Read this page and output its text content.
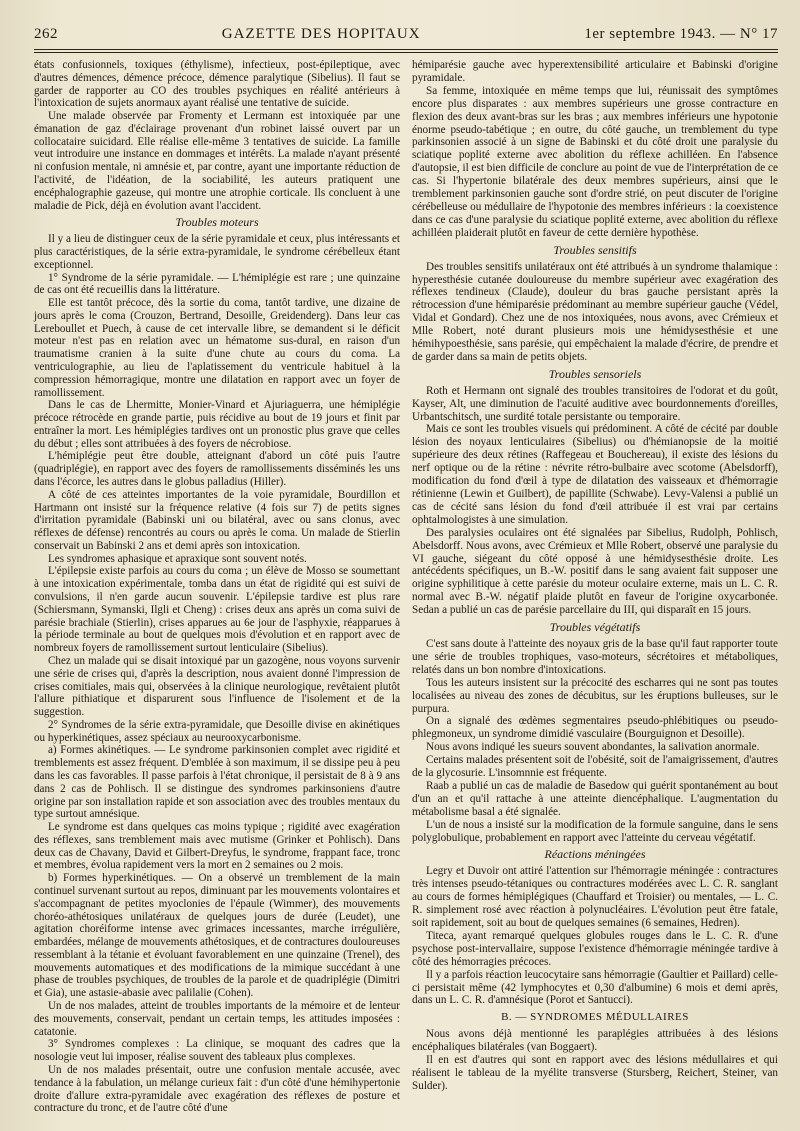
262	GAZETTE DES HOPITAUX	1er septembre 1943. — N° 17

états confusionnels, toxiques (éthylisme), infectieux, post-épileptique, avec d'autres démences, démence précoce, démence paralytique (Sibelius). Il faut se garder de rapporter au CO des troubles psychiques en réalité antérieurs à l'intoxication de sujets anormaux ayant réalisé une tentative de suicide.

Une malade observée par Fromenty et Lermann est intoxiquée par une émanation de gaz d'éclairage provenant d'un robinet laissé ouvert par un collocataire suicidard. Elle réalise elle-même 3 tentatives de suicide. La famille veut introduire une instance en dommages et intérêts. La malade n'ayant présenté ni confusion mentale, ni amnésie et, par contre, ayant une importante réduction de l'activité, de l'idéation, de la sociabilité, les auteurs pratiquent une encéphalographie gazeuse, qui montre une atrophie corticale. Ils concluent à une maladie de Pick, déjà en évolution avant l'accident.

Troubles moteurs

Il y a lieu de distinguer ceux de la série pyramidale et ceux, plus intéressants et plus caractéristiques, de la série extra-pyramidale, le syndrome cérébelleux étant exceptionnel.

1° Syndrome de la série pyramidale. — L'hémiplégie est rare ; une quinzaine de cas ont été recueillis dans la littérature.

Elle est tantôt précoce, dès la sortie du coma, tantôt tardive, une dizaine de jours après le coma (Crouzon, Bertrand, Desoille, Greidenderg). Dans leur cas Lereboullet et Puech, à cause de cet intervalle libre, se demandent si le déficit moteur n'est pas en relation avec un hématome sus-dural, en raison d'un traumatisme cranien à la suite d'une chute au cours du coma. La ventriculographie, au lieu de l'aplatissement du ventricule habituel à la compression hémorragique, montre une dilatation en rapport avec un foyer de ramollissement.

Dans le cas de Lhermitte, Monier-Vinard et Ajuriaguerra, une hémiplégie précoce rétrocède en grande partie, puis récidive au bout de 19 jours et finit par entraîner la mort. Les hémiplégies tardives ont un pronostic plus grave que celles du début ; elles sont attribuées à des foyers de nécrobiose.

L'hémiplégie peut être double, atteignant d'abord un côté puis l'autre (quadriplégie), en rapport avec des foyers de ramollissements disséminés les uns dans l'écorce, les autres dans le globus palladius (Hiller).

A côté de ces atteintes importantes de la voie pyramidale, Bourdillon et Hartmann ont insisté sur la fréquence relative (4 fois sur 7) de petits signes d'irritation pyramidale (Babinski uni ou bilatéral, avec ou sans clonus, avec réflexes de défense) rencontrés au cours ou après le coma. Un malade de Stierlin conservait un Babinski 2 ans et demi après son intoxication.

Les syndromes aphasique et apraxique sont souvent notés.

L'épilepsie existe parfois au cours du coma ; un élève de Mosso se soumettant à une intoxication expérimentale, tomba dans un état de rigidité qui est suivi de convulsions, il n'en garde aucun souvenir. L'épilepsie tardive est plus rare (Schiersmann, Symanski, Ilgli et Cheng) : crises deux ans après un coma suivi de parésie brachiale (Stierlin), crises apparues au 6e jour de l'asphyxie, réapparues à la période terminale au bout de quelques mois d'évolution et en rapport avec de nombreux foyers de ramollissement surtout lenticulaire (Sibelius).

Chez un malade qui se disait intoxiqué par un gazogène, nous voyons survenir une série de crises qui, d'après la description, nous avaient donné l'impression de crises comitiales, mais qui, observées à la clinique neurologique, revêtaient plutôt l'allure pithiatique et disparurent sous l'influence de l'isolement et de la suggestion.

2° Syndromes de la série extra-pyramidale, que Desoille divise en akinétiques ou hyperkinétiques, assez spéciaux au neurooxycarbonisme.

a) Formes akinétiques. — Le syndrome parkinsonien complet avec rigidité et tremblements est assez fréquent. D'emblée à son maximum, il se dissipe peu à peu dans les cas favorables. Il passe parfois à l'état chronique, il persistait de 8 à 9 ans dans 2 cas de Pohlisch. Il se distingue des syndromes parkinsoniens d'autre origine par son installation rapide et son association avec des troubles mentaux du type surtout amnésique.

Le syndrome est dans quelques cas moins typique ; rigidité avec exagération des réflexes, sans tremblement mais avec mutisme (Grinker et Pohlisch). Dans deux cas de Chavany, David et Gilbert-Dreyfus, le syndrome, frappant face, tronc et membres, évolua rapidement vers la mort en 2 semaines ou 2 mois.

b) Formes hyperkinétiques. — On a observé un tremblement de la main continuel survenant surtout au repos, diminuant par les mouvements volontaires et s'accompagnant de petites myoclonies de l'épaule (Wimmer), des mouvements choréo-athétosiques unilatéraux de quelques jours de durée (Leudet), une agitation choréiforme intense avec grimaces incessantes, marche irrégulière, embardées, mélange de mouvements athétosiques, et de contractures douloureuses ressemblant à la tétanie et évoluant favorablement en une quinzaine (Trenel), des mouvements automatiques et des modifications de la mimique succédant à une phase de troubles psychiques, de troubles de la parole et de quadriplégie (Dimitri et Gia), une astasie-abasie avec palilalie (Cohen).

Un de nos malades, atteint de troubles importants de la mémoire et de lenteur des mouvements, conservait, pendant un certain temps, les attitudes imposées : catatonie.

3° Syndromes complexes : La clinique, se moquant des cadres que la nosologie veut lui imposer, réalise souvent des tableaux plus complexes.

Un de nos malades présentait, outre une confusion mentale accusée, avec tendance à la fabulation, un mélange curieux fait : d'un côté d'une hémihypertonie droite d'allure extra-pyramidale avec exagération des réflexes de posture et contracture du tronc, et de l'autre côté d'une

hémiparésie gauche avec hyperextensibilité articulaire et Babinski d'origine pyramidale.

Sa femme, intoxiquée en même temps que lui, réunissait des symptômes encore plus disparates : aux membres supérieurs une grosse contracture en flexion des deux avant-bras sur les bras ; aux membres inférieurs une hypotonie énorme pseudo-tabétique ; en outre, du côté gauche, un tremblement du type parkinsonien associé à un signe de Babinski et du côté droit une paralysie du sciatique poplité externe avec abolition du réflexe achilléen. En l'absence d'autopsie, il est bien difficile de conclure au point de vue de l'interprétation de ce cas. Si l'hypertonie bilatérale des deux membres supérieurs, ainsi que le tremblement parkinsonien gauche sont d'ordre strié, on peut discuter de l'origine cérébelleuse ou médullaire de l'hypotonie des membres inférieurs : la coexistence dans ce cas d'une paralysie du sciatique poplité externe, avec abolition du réflexe achilléen plaiderait plutôt en faveur de cette dernière hypothèse.

Troubles sensitifs

Des troubles sensitifs unilatéraux ont été attribués à un syndrome thalamique : hyperesthésie cutanée douloureuse du membre supérieur avec exagération des réflexes tendineux (Claude), douleur du bras gauche persistant après la rétrocession d'une hémiparésie prédominant au membre supérieur gauche (Védel, Vidal et Gondard). Chez une de nos intoxiquées, nous avons, avec Crémieux et Mlle Robert, noté durant plusieurs mois une hémidysesthésie et une hémihypoesthésie, sans parésie, qui empêchaient la malade d'écrire, de prendre et de garder dans sa main de petits objets.

Troubles sensoriels

Roth et Hermann ont signalé des troubles transitoires de l'odorat et du goût, Kayser, Alt, une diminution de l'acuité auditive avec bourdonnements d'oreilles, Urbantschitsch, une surdité totale persistante ou temporaire.

Mais ce sont les troubles visuels qui prédominent. A côté de cécité par double lésion des noyaux lenticulaires (Sibelius) ou d'hémianopsie de la moitié supérieure des deux rétines (Raffegeau et Bouchereau), il existe des lésions du nerf optique ou de la rétine : névrite rétro-bulbaire avec scotome (Abelsdorff), modification du fond d'œil à type de dilatation des vaisseaux et d'hémorragie rétinienne (Lewin et Guilbert), de papillite (Schwabe). Levy-Valensi a publié un cas de cécité sans lésion du fond d'œil attribuée il est vrai par certains ophtalmologistes à une simulation.

Des paralysies oculaires ont été signalées par Sibelius, Rudolph, Pohlisch, Abelsdorff. Nous avons, avec Crémieux et Mlle Robert, observé une paralysie du VI gauche, siégeant du côté opposé à une hémidysesthésie droite. Les antécédents spécifiques, un B.-W. positif dans le sang avaient fait supposer une origine syphilitique à cette parésie du moteur oculaire externe, mais un L. C. R. normal avec B.-W. négatif plaide plutôt en faveur de l'origine oxycarbonée. Sedan a publié un cas de parésie parcellaire du III, qui disparaît en 15 jours.

Troubles végétatifs

C'est sans doute à l'atteinte des noyaux gris de la base qu'il faut rapporter toute une série de troubles trophiques, vaso-moteurs, sécrétoires et métaboliques, relatés dans un bon nombre d'intoxications.

Tous les auteurs insistent sur la précocité des escharres qui ne sont pas toutes localisées au niveau des zones de décubitus, sur les éruptions bulleuses, sur le purpura.

On a signalé des œdèmes segmentaires pseudo-phlébitiques ou pseudo-phlegmoneux, un syndrome dimidié vasculaire (Bourguignon et Desoille).

Nous avons indiqué les sueurs souvent abondantes, la salivation anormale.

Certains malades présentent soit de l'obésité, soit de l'amaigrissement, d'autres de la glycosurie. L'insomnnie est fréquente.

Raab a publié un cas de maladie de Basedow qui guérit spontanément au bout d'un an et qu'il rattache à une atteinte diencéphalique. L'augmentation du métabolisme basal a été signalée.

L'un de nous a insisté sur la modification de la formule sanguine, dans le sens polyglobulique, probablement en rapport avec l'atteinte du cerveau végétatif.

Réactions méningées

Legry et Duvoir ont attiré l'attention sur l'hémorragie méningée : contractures très intenses pseudo-tétaniques ou contractures modérées avec L. C. R. sanglant au cours de formes hémiplégiques (Chauffard et Troisier) ou mentales, — L. C. R. simplement rosé avec réaction à polynucléaires. L'évolution peut être fatale, soit rapidement, soit au bout de quelques semaines (6 semaines, Hedren).

Titeca, ayant remarqué quelques globules rouges dans le L. C. R. d'une psychose post-intervallaire, suppose l'existence d'hémorragie méningée tardive à côté des hémorragies précoces.

Il y a parfois réaction leucocytaire sans hémorragie (Gaultier et Paillard) celle-ci persistait même (42 lymphocytes et 0,30 d'albumine) 6 mois et demi après, dans un L. C. R. d'amnésique (Porot et Santucci).

B. — SYNDROMES MÉDULLAIRES

Nous avons déjà mentionné les paraplégies attribuées à des lésions encéphaliques bilatérales (van Boggaert).

Il en est d'autres qui sont en rapport avec des lésions médullaires et qui réalisent le tableau de la myélite transverse (Stursberg, Reichert, Steiner, van Sulder).
